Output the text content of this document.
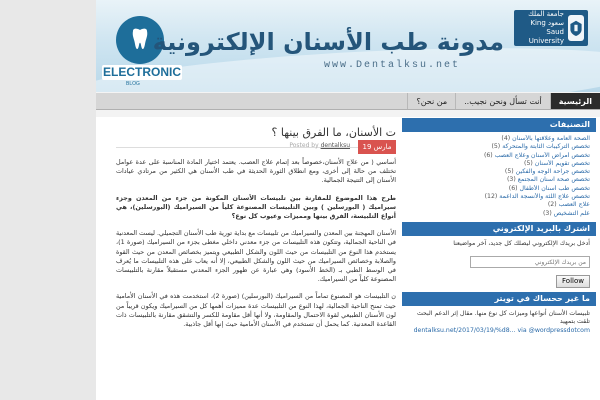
ELECTRONIC
BLOG
مدونة طب الأسنان الإلكترونية
www.Dentalksu.net
جامعة الملك سعود King Saud University
الرئيسية
أنت تسأل ونحن نجيب..
من نحن؟
ت الأسنان، ما الفرق بينها ؟
مارس 19
Posted by dentalksu

أساسي ( من علاج الأسنان،خصوصاً بعد إتمام علاج العصب. يعتمد اختيار المادة المناسبة على عدة عوامل تختلف من حالة إلى أخرى، ومع انطلاق الثورة الحديثة في طب الأسنان هي الكثير من مرتادي عيادات الأسنان إلى التتيجة الجمالية.

طرح هذا الموضوع للمقارنة بين تلبيسات الأسنان المكونة من جزء من المعدن وجزء سيراميك ( البورسلين ) وبين التلبيسات المصنوعة كلياً من السيراميك (البورسلين)، هي أنواع التلبيسة، الفرق بينها ومميزات وعيوب كل نوع؟

الأسنان المهجنة بين المعدن والسيراميك من تلبيسات مع بداية تورية طب الأسنان التجميلي. ليست المعدنية في الناحية الجمالية، وتتكون هذه التلبيسات من جزء معدني داخلي مغطى بجزء من السيراميك (صورة 1)، يستخدم هذا النوع من التلبيسات من حيث اللون والشكل الطبيعي ويتميز بخصائص المعدن من حيث القوة والصلابة وخصائص السيراميك من حيث اللون والشكل الطبيعي، إلا أنه يعاب على هذه التلبيسات ما يُعرف في الوسط الطبي بـ (الخط الأسود) وهي عبارة عن ظهور الجزء المعدني مستقبلاً مقارنة بالتلبيسات المصنوعة كلياً من السيراميك.

ن التلبيسات هو المصنوع تماماً من السيراميك (البورسلين) (صورة 2)، استخدمت هذه في الأسنان الأمامية حيث تمنح الناحية الجمالية، لهذا النوع من التلبيسات عدة مميزات أهمها كل من السيراميك ويكون قريباً من لون الأسنان الطبيعي لقوة الاحتمال والمقاومة، ولا أنها أقل مقاومة للكسر والتشقق مقارنة بالتلبيسات ذات القاعدة المعدنية. كما يحمل أن تستخدم في الأسنان الأمامية حيث إنها أقل جاذبية.

التصنيفات
الصحة العامة وعلاقتها بالأسنان (4)
تخصص التركيبات الثابتة والمتحركة (5)
تخصص أمراض الأسنان وعلاج العصب (6)
تخصص تقويم الأسنان (5)
تخصص جراحة الوجه والفكين (5)
تخصص صحة اسنان المجتمع (3)
تخصص طب أسنان الأطفال (6)
تخصص علاج اللثة والأنسجة الداعمة (12)
علاج العصب (2)
علم التشخيص (3)
اشترك بالبريد الإلكتروني
أدخل بريدك الإلكتروني ليصلك كل جديد، آخر مواضيعنا
من بريدك الإلكتروني
Follow
ما غير ححساك في تويتر
تلبيسات الأسنان أنواعها وميزات كل نوع منها. مقال إثر الدعم البحث تلقت بتمهيد
dentalksu.net/2017/03/19/%d8... via @wordpressdotcom
